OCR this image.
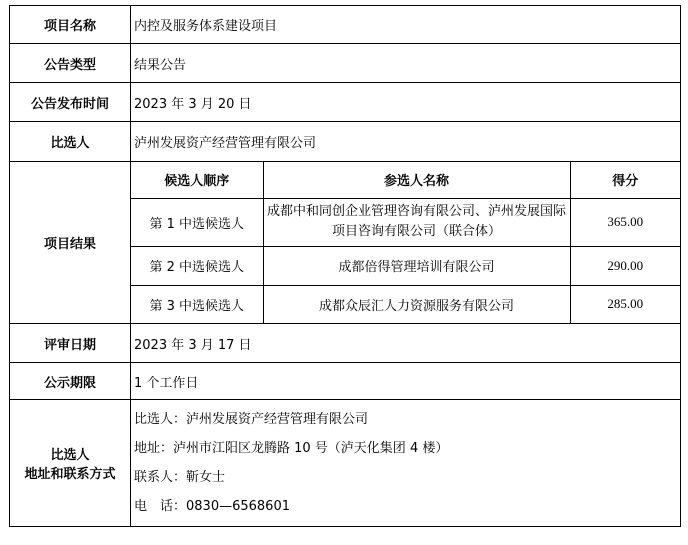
项目名称	内控及服务体系建设项目
公告类型	结果公告
公告发布时间	2023 年 3 月 20 日
比选人	泸州发展资产经营管理有限公司
项目结果	
候选人顺序	参选人名称	得分
第 1 中选候选人	成都中和同创企业管理咨询有限公司、泸州发展国际项目咨询有限公司（联合体）	365.00
第 2 中选候选人	成都倍得管理培训有限公司	290.00
第 3 中选候选人	成都众辰汇人力资源服务有限公司	285.00

评审日期	2023 年 3 月 17 日
公示期限	1 个工作日

比选人
地址和联系方式

比选人：泸州发展资产经营管理有限公司
地址：泸州市江阳区龙腾路 10 号（泸天化集团 4 楼）
联系人：靳女士
电　话：0830—6568601
